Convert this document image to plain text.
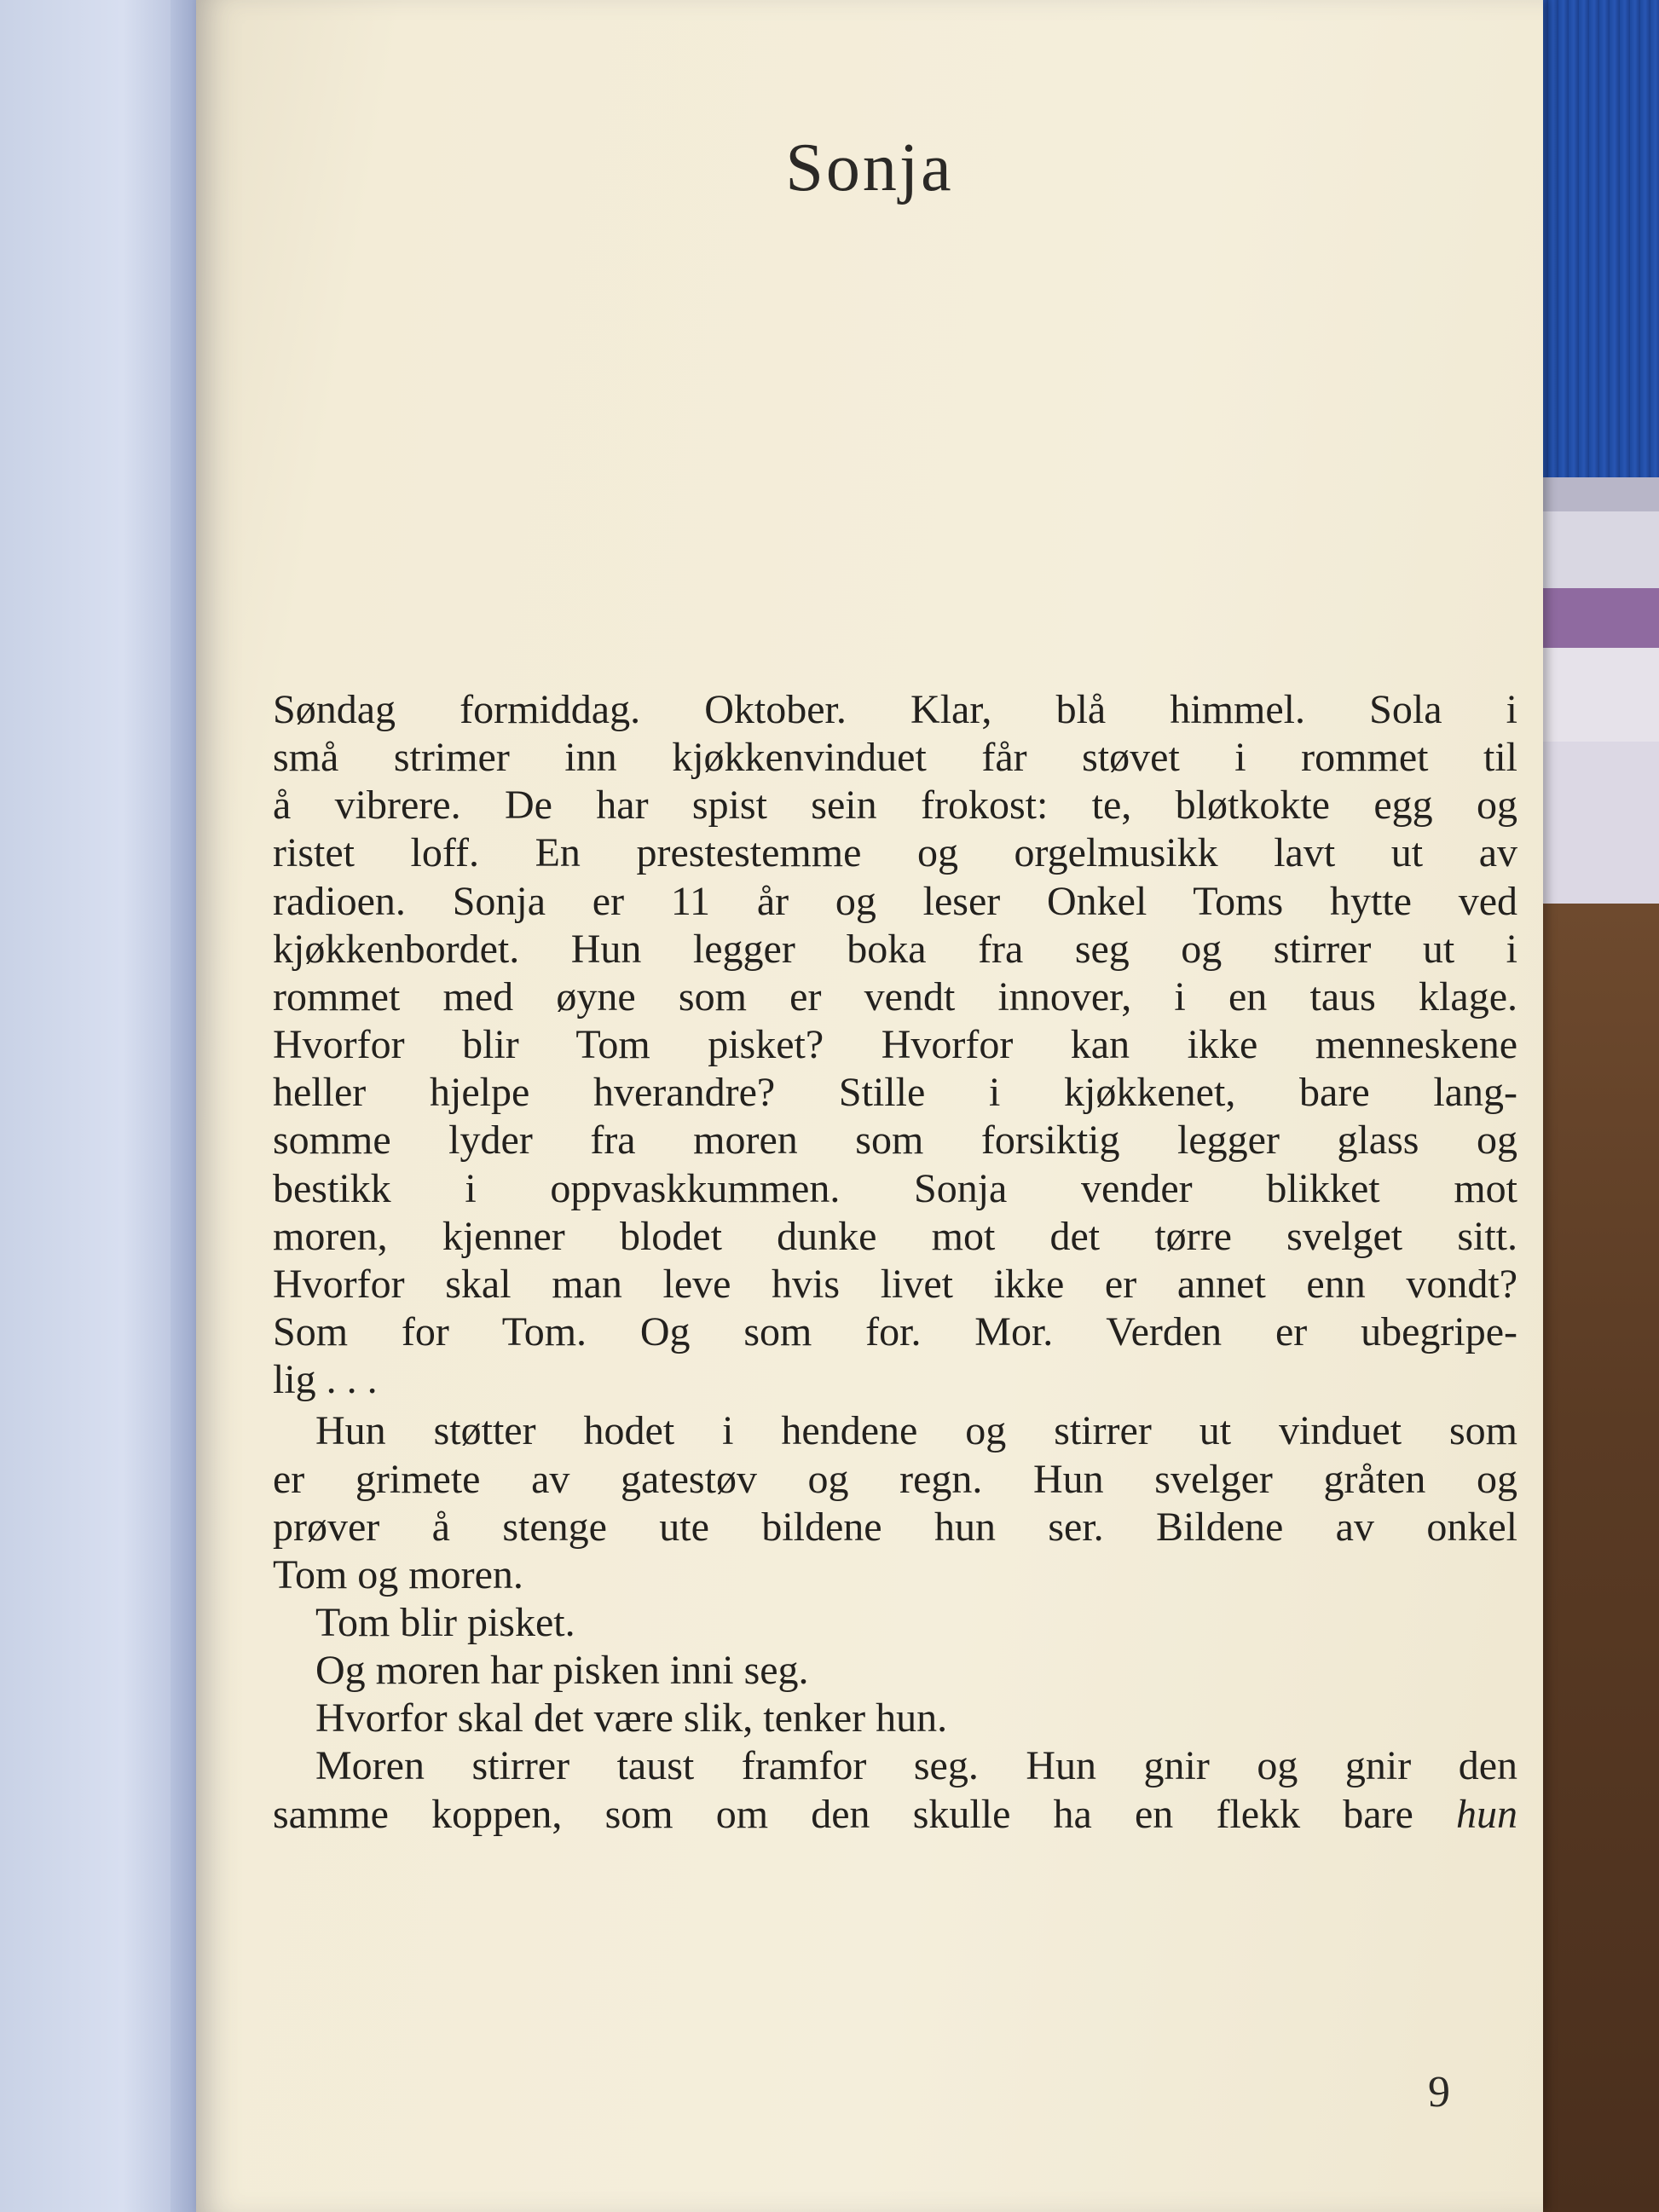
Sonja
Søndag formiddag. Oktober. Klar, blå himmel. Sola i
små strimer inn kjøkkenvinduet får støvet i rommet til
å vibrere. De har spist sein frokost: te, bløtkokte egg og
ristet loff. En prestestemme og orgelmusikk lavt ut av
radioen. Sonja er 11 år og leser Onkel Toms hytte ved
kjøkkenbordet. Hun legger boka fra seg og stirrer ut i
rommet med øyne som er vendt innover, i en taus klage.
Hvorfor blir Tom pisket? Hvorfor kan ikke menneskene
heller hjelpe hverandre? Stille i kjøkkenet, bare lang-
somme lyder fra moren som forsiktig legger glass og
bestikk i oppvaskkummen. Sonja vender blikket mot
moren, kjenner blodet dunke mot det tørre svelget sitt.
Hvorfor skal man leve hvis livet ikke er annet enn vondt?
Som for Tom. Og som for. Mor. Verden er ubegripe-
lig . . .
Hun støtter hodet i hendene og stirrer ut vinduet som
er grimete av gatestøv og regn. Hun svelger gråten og
prøver å stenge ute bildene hun ser. Bildene av onkel
Tom og moren.
Tom blir pisket.
Og moren har pisken inni seg.
Hvorfor skal det være slik, tenker hun.
Moren stirrer taust framfor seg. Hun gnir og gnir den
samme koppen, som om den skulle ha en flekk bare hun
9
